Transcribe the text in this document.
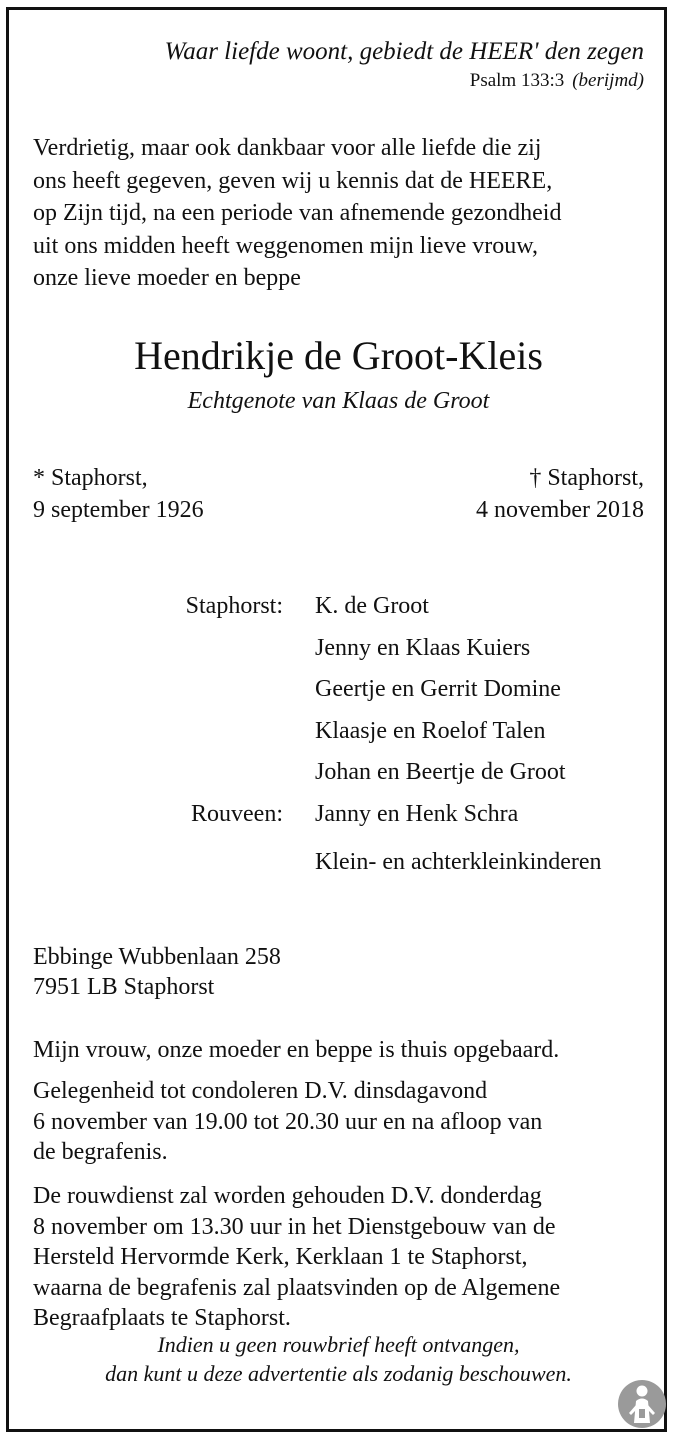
Waar liefde woont, gebiedt de HEER' den zegen
Psalm 133:3 (berijmd)
Verdrietig, maar ook dankbaar voor alle liefde die zij
ons heeft gegeven, geven wij u kennis dat de HEERE,
op Zijn tijd, na een periode van afnemende gezondheid
uit ons midden heeft weggenomen mijn lieve vrouw,
onze lieve moeder en beppe
Hendrikje de Groot-Kleis
Echtgenote van Klaas de Groot
* Staphorst,
9 september 1926
† Staphorst,
4 november 2018
Staphorst: K. de Groot
Jenny en Klaas Kuiers
Geertje en Gerrit Domine
Klaasje en Roelof Talen
Johan en Beertje de Groot
Rouveen: Janny en Henk Schra
Klein- en achterkleinkinderen
Ebbinge Wubbenlaan 258
7951 LB Staphorst
Mijn vrouw, onze moeder en beppe is thuis opgebaard.
Gelegenheid tot condoleren D.V. dinsdagavond
6 november van 19.00 tot 20.30 uur en na afloop van
de begrafenis.
De rouwdienst zal worden gehouden D.V. donderdag
8 november om 13.30 uur in het Dienstgebouw van de
Hersteld Hervormde Kerk, Kerklaan 1 te Staphorst,
waarna de begrafenis zal plaatsvinden op de Algemene
Begraafplaats te Staphorst.
Indien u geen rouwbrief heeft ontvangen,
dan kunt u deze advertentie als zodanig beschouwen.
